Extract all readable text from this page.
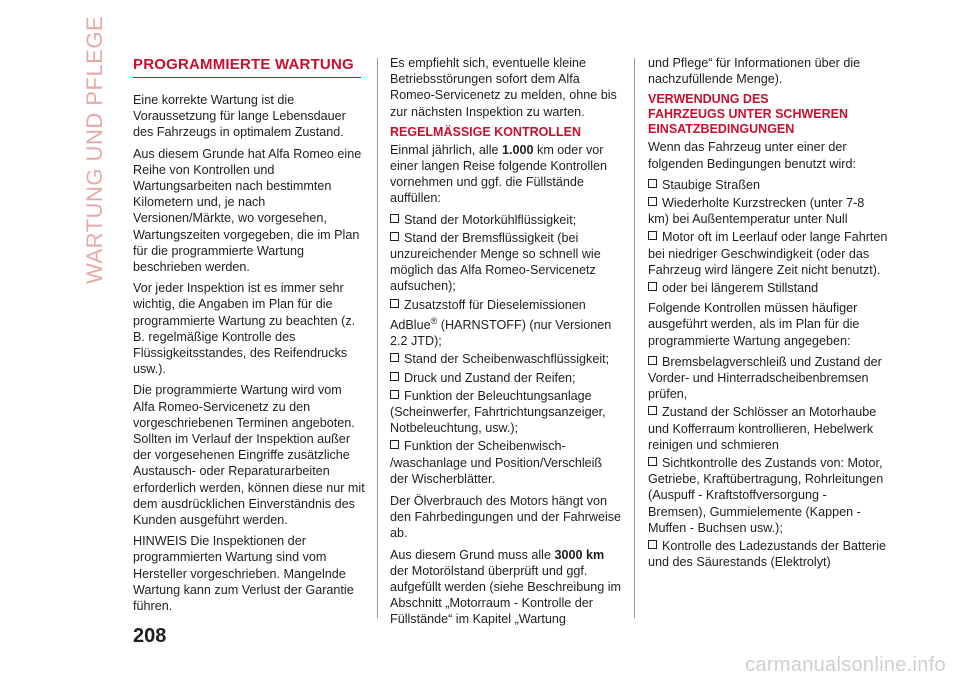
WARTUNG UND PFLEGE PROGRAMMIERTE WARTUNG

Eine korrekte Wartung ist die Voraussetzung für lange Lebensdauer des Fahrzeugs in optimalem Zustand.

Aus diesem Grunde hat Alfa Romeo eine Reihe von Kontrollen und Wartungsarbeiten nach bestimmten Kilometern und, je nach Versionen/Märkte, wo vorgesehen, Wartungszeiten vorgegeben, die im Plan für die programmierte Wartung beschrieben werden.

Vor jeder Inspektion ist es immer sehr wichtig, die Angaben im Plan für die programmierte Wartung zu beachten (z. B. regelmäßige Kontrolle des Flüssigkeitsstandes, des Reifendrucks usw.).

Die programmierte Wartung wird vom Alfa Romeo-Servicenetz zu den vorgeschriebenen Terminen angeboten. Sollten im Verlauf der Inspektion außer der vorgesehenen Eingriffe zusätzliche Austausch- oder Reparaturarbeiten erforderlich werden, können diese nur mit dem ausdrücklichen Einverständnis des Kunden ausgeführt werden.

HINWEIS Die Inspektionen der programmierten Wartung sind vom Hersteller vorgeschrieben. Mangelnde Wartung kann zum Verlust der Garantie führen.

Es empfiehlt sich, eventuelle kleine Betriebsstörungen sofort dem Alfa Romeo-Servicenetz zu melden, ohne bis zur nächsten Inspektion zu warten.

REGELMÄSSIGE KONTROLLEN

Einmal jährlich, alle 1.000 km oder vor einer langen Reise folgende Kontrollen vornehmen und ggf. die Füllstände auffüllen:

Stand der Motorkühlflüssigkeit;
Stand der Bremsflüssigkeit (bei unzureichender Menge so schnell wie möglich das Alfa Romeo-Servicenetz aufsuchen);
Zusatzstoff für Dieselemissionen AdBlue® (HARNSTOFF) (nur Versionen 2.2 JTD);
Stand der Scheibenwaschflüssigkeit;
Druck und Zustand der Reifen;
Funktion der Beleuchtungsanlage (Scheinwerfer, Fahrtrichtungsanzeiger, Notbeleuchtung, usw.);
Funktion der Scheibenwisch- /waschanlage und Position/Verschleiß der Wischerblätter.

Der Ölverbrauch des Motors hängt von den Fahrbedingungen und der Fahrweise ab.

Aus diesem Grund muss alle 3000 km der Motorölstand überprüft und ggf. aufgefüllt werden (siehe Beschreibung im Abschnitt „Motorraum - Kontrolle der Füllstände“ im Kapitel „Wartung

und Pflege“ für Informationen über die nachzufüllende Menge).

VERWENDUNG DES FAHRZEUGS UNTER SCHWEREN EINSATZBEDINGUNGEN

Wenn das Fahrzeug unter einer der folgenden Bedingungen benutzt wird:

Staubige Straßen
Wiederholte Kurzstrecken (unter 7-8 km) bei Außentemperatur unter Null
Motor oft im Leerlauf oder lange Fahrten bei niedriger Geschwindigkeit (oder das Fahrzeug wird längere Zeit nicht benutzt).
oder bei längerem Stillstand

Folgende Kontrollen müssen häufiger ausgeführt werden, als im Plan für die programmierte Wartung angegeben:

Bremsbelagverschleiß und Zustand der Vorder- und Hinterradscheibenbremsen prüfen,
Zustand der Schlösser an Motorhaube und Kofferraum kontrollieren, Hebelwerk reinigen und schmieren
Sichtkontrolle des Zustands von: Motor, Getriebe, Kraftübertragung, Rohrleitungen (Auspuff - Kraftstoffversorgung - Bremsen), Gummielemente (Kappen - Muffen - Buchsen usw.);
Kontrolle des Ladezustands der Batterie und des Säurestands (Elektrolyt)
208
carmanualsonline.info
